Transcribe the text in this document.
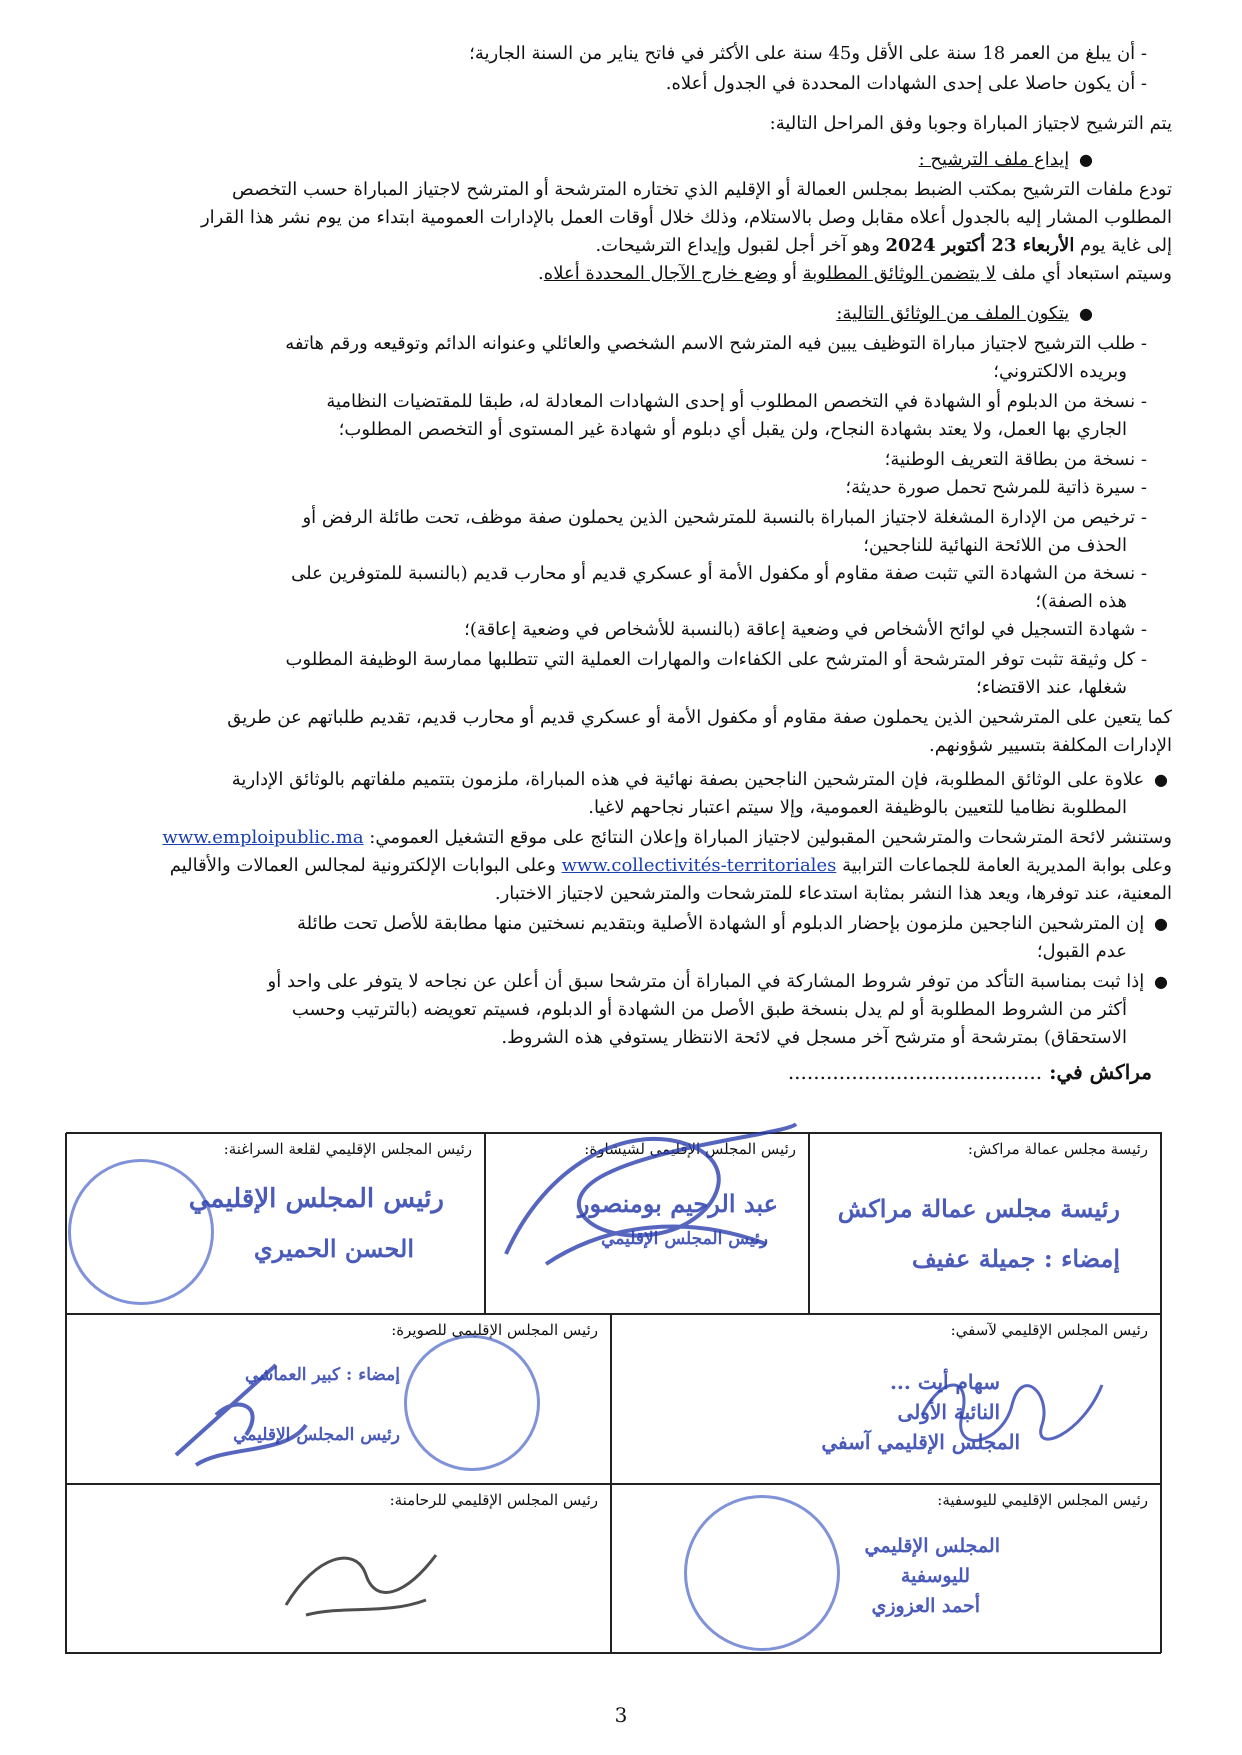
- أن يبلغ من العمر 18 سنة على الأقل و45 سنة على الأكثر في فاتح يناير من السنة الجارية؛
- أن يكون حاصلا على إحدى الشهادات المحددة في الجدول أعلاه.
يتم الترشيح لاجتياز المباراة وجوبا وفق المراحل التالية:
● إيداع ملف الترشيح :
تودع ملفات الترشيح بمكتب الضبط بمجلس العمالة أو الإقليم الذي تختاره المترشحة أو المترشح لاجتياز المباراة حسب التخصص
المطلوب المشار إليه بالجدول أعلاه مقابل وصل بالاستلام، وذلك خلال أوقات العمل بالإدارات العمومية ابتداء من يوم نشر هذا القرار
إلى غاية يوم الأربعاء 23 أكتوبر 2024 وهو آخر أجل لقبول وإيداع الترشيحات.
وسيتم استبعاد أي ملف لا يتضمن الوثائق المطلوبة أو وضع خارج الآجال المحددة أعلاه.
● يتكون الملف من الوثائق التالية:
- طلب الترشيح لاجتياز مباراة التوظيف يبين فيه المترشح الاسم الشخصي والعائلي وعنوانه الدائم وتوقيعه ورقم هاتفه
وبريده الالكتروني؛
- نسخة من الدبلوم أو الشهادة في التخصص المطلوب أو إحدى الشهادات المعادلة له، طبقا للمقتضيات النظامية
الجاري بها العمل، ولا يعتد بشهادة النجاح، ولن يقبل أي دبلوم أو شهادة غير المستوى أو التخصص المطلوب؛
- نسخة من بطاقة التعريف الوطنية؛
- سيرة ذاتية للمرشح تحمل صورة حديثة؛
- ترخيص من الإدارة المشغلة لاجتياز المباراة بالنسبة للمترشحين الذين يحملون صفة موظف، تحت طائلة الرفض أو
الحذف من اللائحة النهائية للناجحين؛
- نسخة من الشهادة التي تثبت صفة مقاوم أو مكفول الأمة أو عسكري قديم أو محارب قديم (بالنسبة للمتوفرين على
هذه الصفة)؛
- شهادة التسجيل في لوائح الأشخاص في وضعية إعاقة (بالنسبة للأشخاص في وضعية إعاقة)؛
- كل وثيقة تثبت توفر المترشحة أو المترشح على الكفاءات والمهارات العملية التي تتطلبها ممارسة الوظيفة المطلوب
شغلها، عند الاقتضاء؛
كما يتعين على المترشحين الذين يحملون صفة مقاوم أو مكفول الأمة أو عسكري قديم أو محارب قديم، تقديم طلباتهم عن طريق
الإدارات المكلفة بتسيير شؤونهم.
● علاوة على الوثائق المطلوبة، فإن المترشحين الناجحين بصفة نهائية في هذه المباراة، ملزمون بتتميم ملفاتهم بالوثائق الإدارية
المطلوبة نظاميا للتعيين بالوظيفة العمومية، وإلا سيتم اعتبار نجاحهم لاغيا.
وستنشر لائحة المترشحات والمترشحين المقبولين لاجتياز المباراة وإعلان النتائج على موقع التشغيل العمومي: www.emploipublic.ma
وعلى بوابة المديرية العامة للجماعات الترابية www.collectivités-territoriales وعلى البوابات الإلكترونية لمجالس العمالات والأقاليم
المعنية، عند توفرها، ويعد هذا النشر بمثابة استدعاء للمترشحات والمترشحين لاجتياز الاختبار.
● إن المترشحين الناجحين ملزمون بإحضار الدبلوم أو الشهادة الأصلية وبتقديم نسختين منها مطابقة للأصل تحت طائلة
عدم القبول؛
● إذا ثبت بمناسبة التأكد من توفر شروط المشاركة في المباراة أن مترشحا سبق أن أعلن عن نجاحه لا يتوفر على واحد أو
أكثر من الشروط المطلوبة أو لم يدل بنسخة طبق الأصل من الشهادة أو الدبلوم، فسيتم تعويضه (بالترتيب وحسب
الاستحقاق) بمترشحة أو مترشح آخر مسجل في لائحة الانتظار يستوفي هذه الشروط.
مراكش في: ........................................
رئيسة مجلس عمالة مراكش:
رئيسة مجلس عمالة مراكش
إمضاء : جميلة عفيف
رئيس المجلس الإقليمي لشيشاوة:
عبد الرحيم بومنصور
رئيس المجلس الإقليمي
رئيس المجلس الإقليمي لقلعة السراغنة:
رئيس المجلس الإقليمي
الحسن الحميري
رئيس المجلس الإقليمي لآسفي:
سهام أيت ...
النائبة الأولى
المجلس الإقليمي آسفي
رئيس المجلس الإقليمي للصويرة:
إمضاء : كبير العماشي
رئيس المجلس الإقليمي
رئيس المجلس الإقليمي لليوسفية:
المجلس الإقليمي
لليوسفية
أحمد العزوزي
رئيس المجلس الإقليمي للرحامنة:
3
